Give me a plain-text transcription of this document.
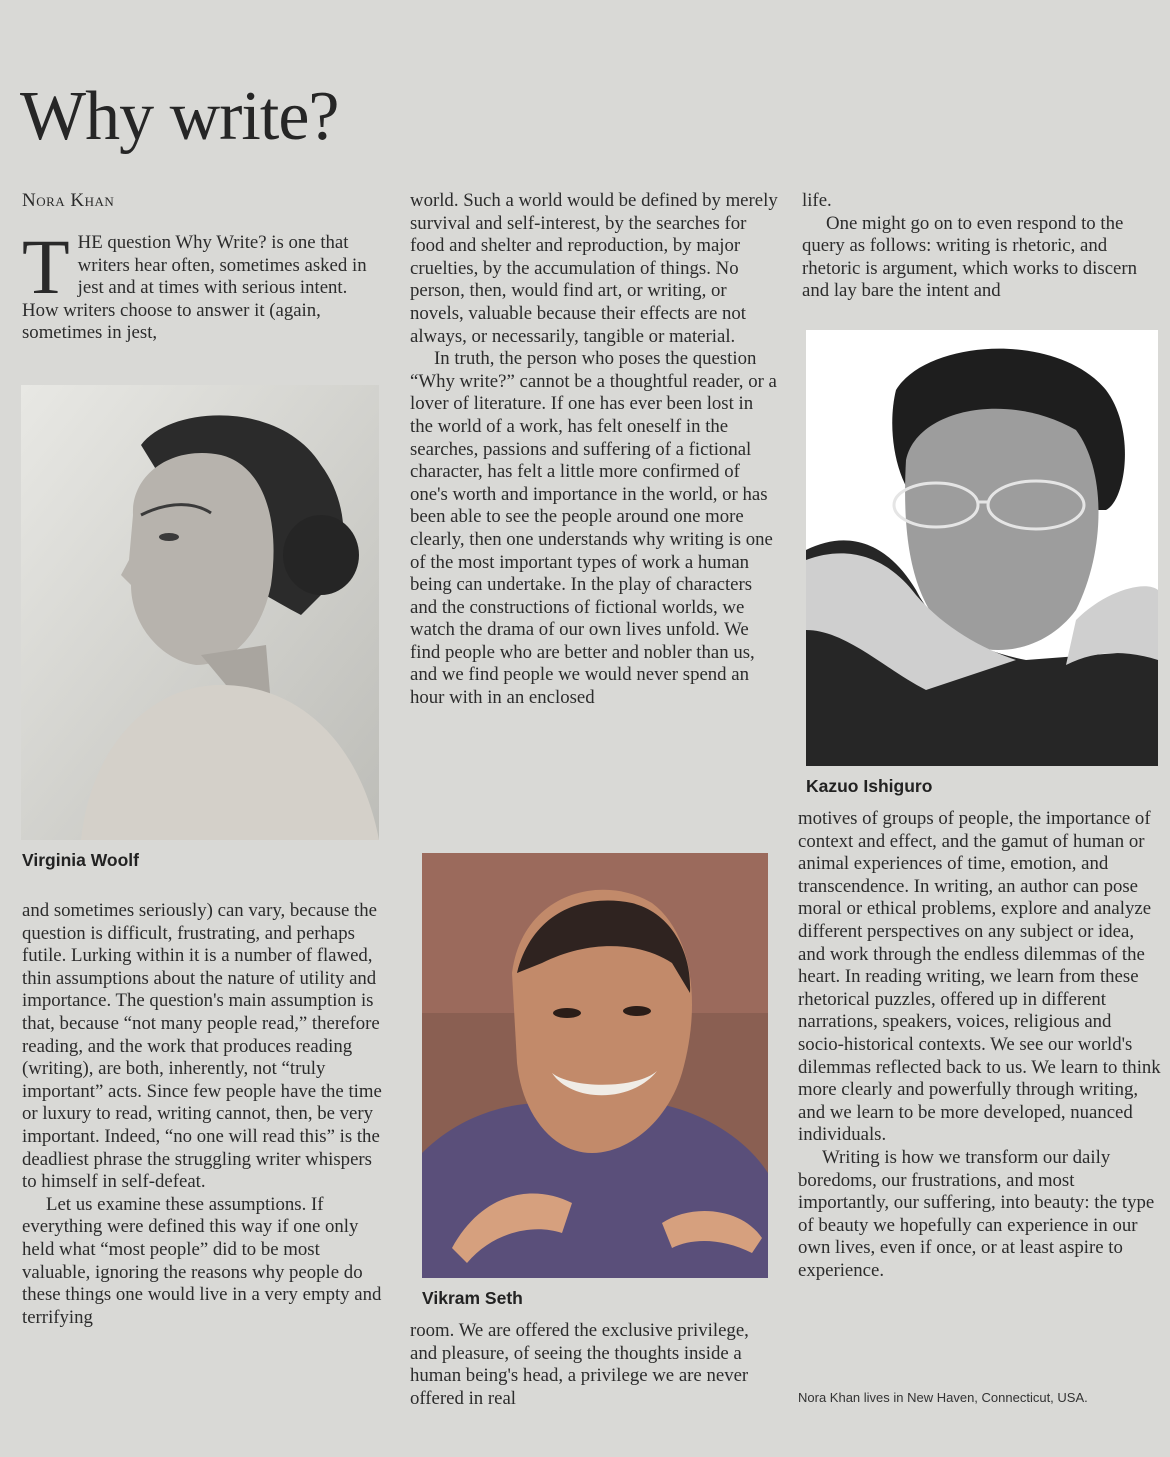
Why write?
Nora Khan
T HE question Why Write? is one that writers hear often, sometimes asked in jest and at times with serious intent. How writers choose to answer it (again, sometimes in jest,

Virginia Woolf

and sometimes seriously) can vary, because the question is difficult, frustrating, and perhaps futile. Lurking within it is a number of flawed, thin assumptions about the nature of utility and importance. The question's main assumption is that, because “not many people read,” therefore reading, and the work that produces reading (writing), are both, inherently, not “truly important” acts. Since few people have the time or luxury to read, writing cannot, then, be very important. Indeed, “no one will read this” is the deadliest phrase the struggling writer whispers to himself in self-defeat.

Let us examine these assumptions. If everything were defined this way if one only held what “most people” did to be most valuable, ignoring the reasons why people do these things one would live in a very empty and terrifying

world. Such a world would be defined by merely survival and self-interest, by the searches for food and shelter and reproduction, by major cruelties, by the accumulation of things. No person, then, would find art, or writing, or novels, valuable because their effects are not always, or necessarily, tangible or material.

In truth, the person who poses the question “Why write?” cannot be a thoughtful reader, or a lover of literature. If one has ever been lost in the world of a work, has felt oneself in the searches, passions and suffering of a fictional character, has felt a little more confirmed of one's worth and importance in the world, or has been able to see the people around one more clearly, then one understands why writing is one of the most important types of work a human being can undertake. In the play of characters and the constructions of fictional worlds, we watch the drama of our own lives unfold. We find people who are better and nobler than us, and we find people we would never spend an hour with in an enclosed

Vikram Seth

room. We are offered the exclusive privilege, and pleasure, of seeing the thoughts inside a human being's head, a privilege we are never offered in real

life.

One might go on to even respond to the query as follows: writing is rhetoric, and rhetoric is argument, which works to discern and lay bare the intent and

Kazuo Ishiguro

motives of groups of people, the importance of context and effect, and the gamut of human or animal experiences of time, emotion, and transcendence. In writing, an author can pose moral or ethical problems, explore and analyze different perspectives on any subject or idea, and work through the endless dilemmas of the heart. In reading writing, we learn from these rhetorical puzzles, offered up in different narrations, speakers, voices, religious and socio-historical contexts. We see our world's dilemmas reflected back to us. We learn to think more clearly and powerfully through writing, and we learn to be more developed, nuanced individuals.

Writing is how we transform our daily boredoms, our frustrations, and most importantly, our suffering, into beauty: the type of beauty we hopefully can experience in our own lives, even if once, or at least aspire to experience.

Nora Khan lives in New Haven, Connecticut, USA.
